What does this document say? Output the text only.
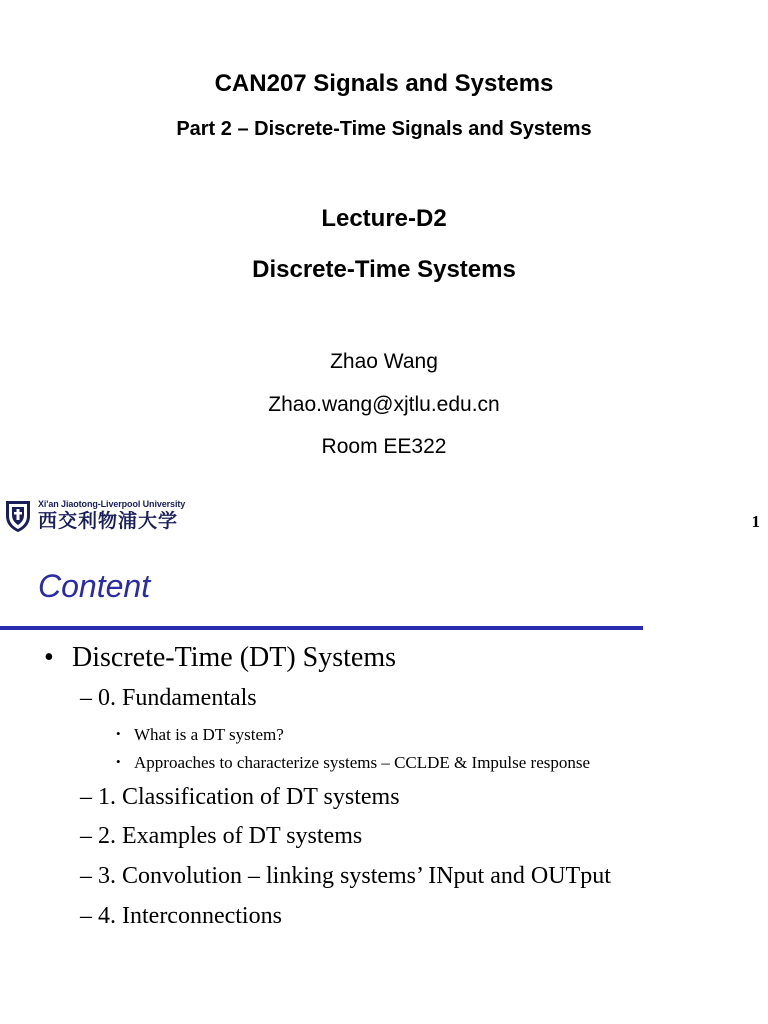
CAN207 Signals and Systems
Part 2 – Discrete-Time Signals and Systems
Lecture-D2
Discrete-Time Systems
Zhao Wang
Zhao.wang@xjtlu.edu.cn
Room EE322
Xi'an Jiaotong-Liverpool University
西交利物浦大学	1
Content
• Discrete-Time (DT) Systems
– 0. Fundamentals
• What is a DT system?
• Approaches to characterize systems – CCLDE & Impulse response
– 1. Classification of DT systems
– 2. Examples of DT systems
– 3. Convolution – linking systems’ INput and OUTput
– 4. Interconnections
